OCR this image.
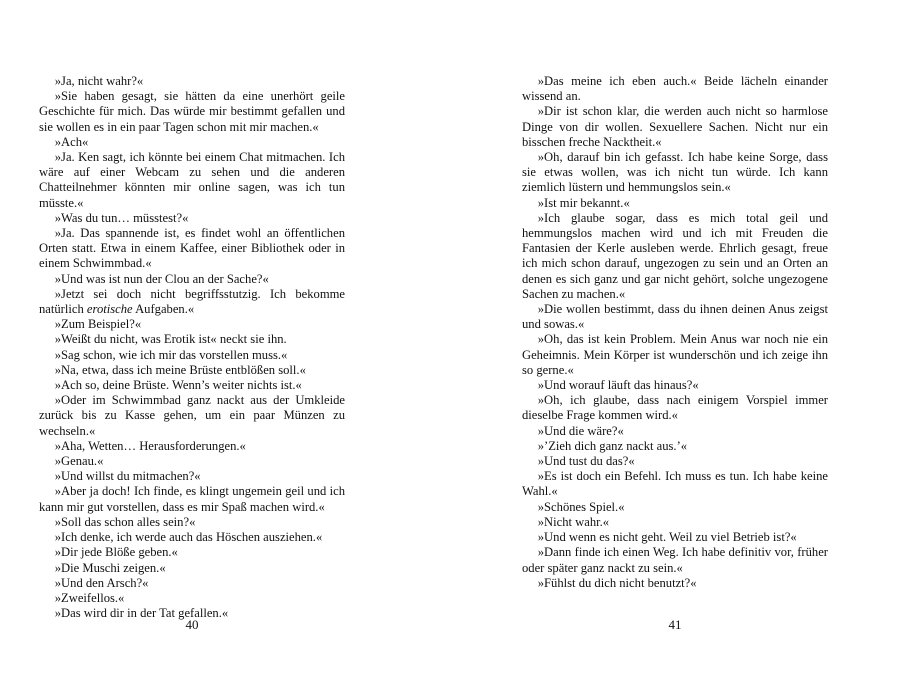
»Ja, nicht wahr?«

»Sie haben gesagt, sie hätten da eine unerhört geile Geschichte für mich. Das würde mir bestimmt gefallen und sie wollen es in ein paar Tagen schon mit mir machen.«

»Ach«

»Ja. Ken sagt, ich könnte bei einem Chat mitmachen. Ich wäre auf einer Webcam zu sehen und die anderen Chatteilnehmer könnten mir online sagen, was ich tun müsste.«

»Was du tun… müsstest?«

»Ja. Das spannende ist, es findet wohl an öffentlichen Orten statt. Etwa in einem Kaffee, einer Bibliothek oder in einem Schwimmbad.«

»Und was ist nun der Clou an der Sache?«

»Jetzt sei doch nicht begriffsstutzig. Ich bekomme natürlich erotische Aufgaben.«

»Zum Beispiel?«

»Weißt du nicht, was Erotik ist« neckt sie ihn.

»Sag schon, wie ich mir das vorstellen muss.«

»Na, etwa, dass ich meine Brüste entblößen soll.«

»Ach so, deine Brüste. Wenn’s weiter nichts ist.«

»Oder im Schwimmbad ganz nackt aus der Umkleide zurück bis zu Kasse gehen, um ein paar Münzen zu wechseln.«

»Aha, Wetten… Herausforderungen.«

»Genau.«

»Und willst du mitmachen?«

»Aber ja doch! Ich finde, es klingt ungemein geil und ich kann mir gut vorstellen, dass es mir Spaß machen wird.«

»Soll das schon alles sein?«

»Ich denke, ich werde auch das Höschen ausziehen.«

»Dir jede Blöße geben.«

»Die Muschi zeigen.«

»Und den Arsch?«

»Zweifellos.«

»Das wird dir in der Tat gefallen.«

40

»Das meine ich eben auch.« Beide lächeln einander wissend an.

»Dir ist schon klar, die werden auch nicht so harmlose Dinge von dir wollen. Sexuellere Sachen. Nicht nur ein bisschen freche Nacktheit.«

»Oh, darauf bin ich gefasst. Ich habe keine Sorge, dass sie etwas wollen, was ich nicht tun würde. Ich kann ziemlich lüstern und hemmungslos sein.«

»Ist mir bekannt.«

»Ich glaube sogar, dass es mich total geil und hemmungslos machen wird und ich mit Freuden die Fantasien der Kerle ausleben werde. Ehrlich gesagt, freue ich mich schon darauf, ungezogen zu sein und an Orten an denen es sich ganz und gar nicht gehört, solche ungezogene Sachen zu machen.«

»Die wollen bestimmt, dass du ihnen deinen Anus zeigst und sowas.«

»Oh, das ist kein Problem. Mein Anus war noch nie ein Geheimnis. Mein Körper ist wunderschön und ich zeige ihn so gerne.«

»Und worauf läuft das hinaus?«

»Oh, ich glaube, dass nach einigem Vorspiel immer dieselbe Frage kommen wird.«

»Und die wäre?«

»’Zieh dich ganz nackt aus.’«

»Und tust du das?«

»Es ist doch ein Befehl. Ich muss es tun. Ich habe keine Wahl.«

»Schönes Spiel.«

»Nicht wahr.«

»Und wenn es nicht geht. Weil zu viel Betrieb ist?«

»Dann finde ich einen Weg. Ich habe definitiv vor, früher oder später ganz nackt zu sein.«

»Fühlst du dich nicht benutzt?«

41
